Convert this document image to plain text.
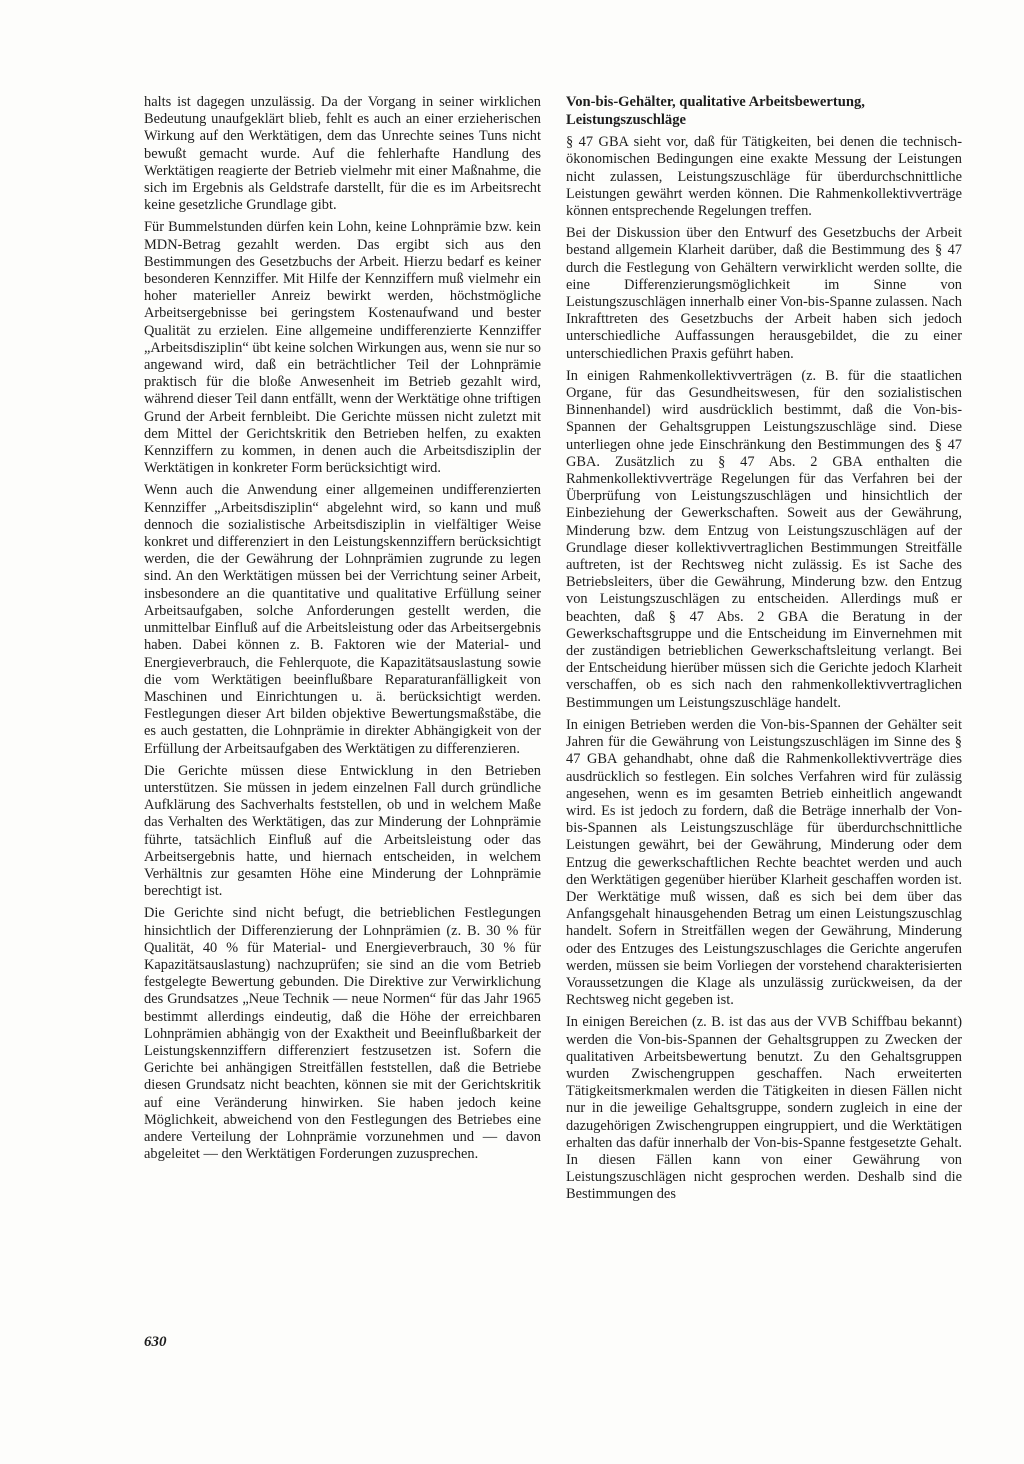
halts ist dagegen unzulässig. Da der Vorgang in seiner wirklichen Bedeutung unaufgeklärt blieb, fehlt es auch an einer erzieherischen Wirkung auf den Werktätigen, dem das Unrechte seines Tuns nicht bewußt gemacht wurde. Auf die fehlerhafte Handlung des Werktätigen reagierte der Betrieb vielmehr mit einer Maßnahme, die sich im Ergebnis als Geldstrafe darstellt, für die es im Arbeitsrecht keine gesetzliche Grundlage gibt.

Für Bummelstunden dürfen kein Lohn, keine Lohnprämie bzw. kein MDN-Betrag gezahlt werden. Das ergibt sich aus den Bestimmungen des Gesetzbuchs der Arbeit. Hierzu bedarf es keiner besonderen Kennziffer. Mit Hilfe der Kennziffern muß vielmehr ein hoher materieller Anreiz bewirkt werden, höchstmögliche Arbeitsergebnisse bei geringstem Kostenaufwand und bester Qualität zu erzielen. Eine allgemeine undifferenzierte Kennziffer „Arbeitsdisziplin“ übt keine solchen Wirkungen aus, wenn sie nur so angewand wird, daß ein beträchtlicher Teil der Lohnprämie praktisch für die bloße Anwesenheit im Betrieb gezahlt wird, während dieser Teil dann entfällt, wenn der Werktätige ohne triftigen Grund der Arbeit fernbleibt. Die Gerichte müssen nicht zuletzt mit dem Mittel der Gerichtskritik den Betrieben helfen, zu exakten Kennziffern zu kommen, in denen auch die Arbeitsdisziplin der Werktätigen in konkreter Form berücksichtigt wird.

Wenn auch die Anwendung einer allgemeinen undifferenzierten Kennziffer „Arbeitsdisziplin“ abgelehnt wird, so kann und muß dennoch die sozialistische Arbeitsdisziplin in vielfältiger Weise konkret und differenziert in den Leistungskennziffern berücksichtigt werden, die der Gewährung der Lohnprämien zugrunde zu legen sind. An den Werktätigen müssen bei der Verrichtung seiner Arbeit, insbesondere an die quantitative und qualitative Erfüllung seiner Arbeitsaufgaben, solche Anforderungen gestellt werden, die unmittelbar Einfluß auf die Arbeitsleistung oder das Arbeitsergebnis haben. Dabei können z. B. Faktoren wie der Material- und Energieverbrauch, die Fehlerquote, die Kapazitätsauslastung sowie die vom Werktätigen beeinflußbare Reparaturanfälligkeit von Maschinen und Einrichtungen u. ä. berücksichtigt werden. Festlegungen dieser Art bilden objektive Bewertungsmaßstäbe, die es auch gestatten, die Lohnprämie in direkter Abhängigkeit von der Erfüllung der Arbeitsaufgaben des Werktätigen zu differenzieren.

Die Gerichte müssen diese Entwicklung in den Betrieben unterstützen. Sie müssen in jedem einzelnen Fall durch gründliche Aufklärung des Sachverhalts feststellen, ob und in welchem Maße das Verhalten des Werktätigen, das zur Minderung der Lohnprämie führte, tatsächlich Einfluß auf die Arbeitsleistung oder das Arbeitsergebnis hatte, und hiernach entscheiden, in welchem Verhältnis zur gesamten Höhe eine Minderung der Lohnprämie berechtigt ist.

Die Gerichte sind nicht befugt, die betrieblichen Festlegungen hinsichtlich der Differenzierung der Lohnprämien (z. B. 30 % für Qualität, 40 % für Material- und Energieverbrauch, 30 % für Kapazitätsauslastung) nachzuprüfen; sie sind an die vom Betrieb festgelegte Bewertung gebunden. Die Direktive zur Verwirklichung des Grundsatzes „Neue Technik — neue Normen“ für das Jahr 1965 bestimmt allerdings eindeutig, daß die Höhe der erreichbaren Lohnprämien abhängig von der Exaktheit und Beeinflußbarkeit der Leistungskennziffern differenziert festzusetzen ist. Sofern die Gerichte bei anhängigen Streitfällen feststellen, daß die Betriebe diesen Grundsatz nicht beachten, können sie mit der Gerichtskritik auf eine Veränderung hinwirken. Sie haben jedoch keine Möglichkeit, abweichend von den Festlegungen des Betriebes eine andere Verteilung der Lohnprämie vorzunehmen und — davon abgeleitet — den Werktätigen Forderungen zuzusprechen.

Von-bis-Gehälter, qualitative Arbeitsbewertung, Leistungszuschläge

§ 47 GBA sieht vor, daß für Tätigkeiten, bei denen die technisch-ökonomischen Bedingungen eine exakte Messung der Leistungen nicht zulassen, Leistungszuschläge für überdurchschnittliche Leistungen gewährt werden können. Die Rahmenkollektivverträge können entsprechende Regelungen treffen.

Bei der Diskussion über den Entwurf des Gesetzbuchs der Arbeit bestand allgemein Klarheit darüber, daß die Bestimmung des § 47 durch die Festlegung von Gehältern verwirklicht werden sollte, die eine Differenzierungsmöglichkeit im Sinne von Leistungszuschlägen innerhalb einer Von-bis-Spanne zulassen. Nach Inkrafttreten des Gesetzbuchs der Arbeit haben sich jedoch unterschiedliche Auffassungen herausgebildet, die zu einer unterschiedlichen Praxis geführt haben.

In einigen Rahmenkollektivverträgen (z. B. für die staatlichen Organe, für das Gesundheitswesen, für den sozialistischen Binnenhandel) wird ausdrücklich bestimmt, daß die Von-bis-Spannen der Gehaltsgruppen Leistungszuschläge sind. Diese unterliegen ohne jede Einschränkung den Bestimmungen des § 47 GBA. Zusätzlich zu § 47 Abs. 2 GBA enthalten die Rahmenkollektivverträge Regelungen für das Verfahren bei der Überprüfung von Leistungszuschlägen und hinsichtlich der Einbeziehung der Gewerkschaften. Soweit aus der Gewährung, Minderung bzw. dem Entzug von Leistungszuschlägen auf der Grundlage dieser kollektivvertraglichen Bestimmungen Streitfälle auftreten, ist der Rechtsweg nicht zulässig. Es ist Sache des Betriebsleiters, über die Gewährung, Minderung bzw. den Entzug von Leistungszuschlägen zu entscheiden. Allerdings muß er beachten, daß § 47 Abs. 2 GBA die Beratung in der Gewerkschaftsgruppe und die Entscheidung im Einvernehmen mit der zuständigen betrieblichen Gewerkschaftsleitung verlangt. Bei der Entscheidung hierüber müssen sich die Gerichte jedoch Klarheit verschaffen, ob es sich nach den rahmenkollektivvertraglichen Bestimmungen um Leistungszuschläge handelt.

In einigen Betrieben werden die Von-bis-Spannen der Gehälter seit Jahren für die Gewährung von Leistungszuschlägen im Sinne des § 47 GBA gehandhabt, ohne daß die Rahmenkollektivverträge dies ausdrücklich so festlegen. Ein solches Verfahren wird für zulässig angesehen, wenn es im gesamten Betrieb einheitlich angewandt wird. Es ist jedoch zu fordern, daß die Beträge innerhalb der Von-bis-Spannen als Leistungszuschläge für überdurchschnittliche Leistungen gewährt, bei der Gewährung, Minderung oder dem Entzug die gewerkschaftlichen Rechte beachtet werden und auch den Werktätigen gegenüber hierüber Klarheit geschaffen worden ist. Der Werktätige muß wissen, daß es sich bei dem über das Anfangsgehalt hinausgehenden Betrag um einen Leistungszuschlag handelt. Sofern in Streitfällen wegen der Gewährung, Minderung oder des Entzuges des Leistungszuschlages die Gerichte angerufen werden, müssen sie beim Vorliegen der vorstehend charakterisierten Voraussetzungen die Klage als unzulässig zurückweisen, da der Rechtsweg nicht gegeben ist.

In einigen Bereichen (z. B. ist das aus der VVB Schiffbau bekannt) werden die Von-bis-Spannen der Gehaltsgruppen zu Zwecken der qualitativen Arbeitsbewertung benutzt. Zu den Gehaltsgruppen wurden Zwischengruppen geschaffen. Nach erweiterten Tätigkeitsmerkmalen werden die Tätigkeiten in diesen Fällen nicht nur in die jeweilige Gehaltsgruppe, sondern zugleich in eine der dazugehörigen Zwischengruppen eingruppiert, und die Werktätigen erhalten das dafür innerhalb der Von-bis-Spanne festgesetzte Gehalt. In diesen Fällen kann von einer Gewährung von Leistungszuschlägen nicht gesprochen werden. Deshalb sind die Bestimmungen des

630
